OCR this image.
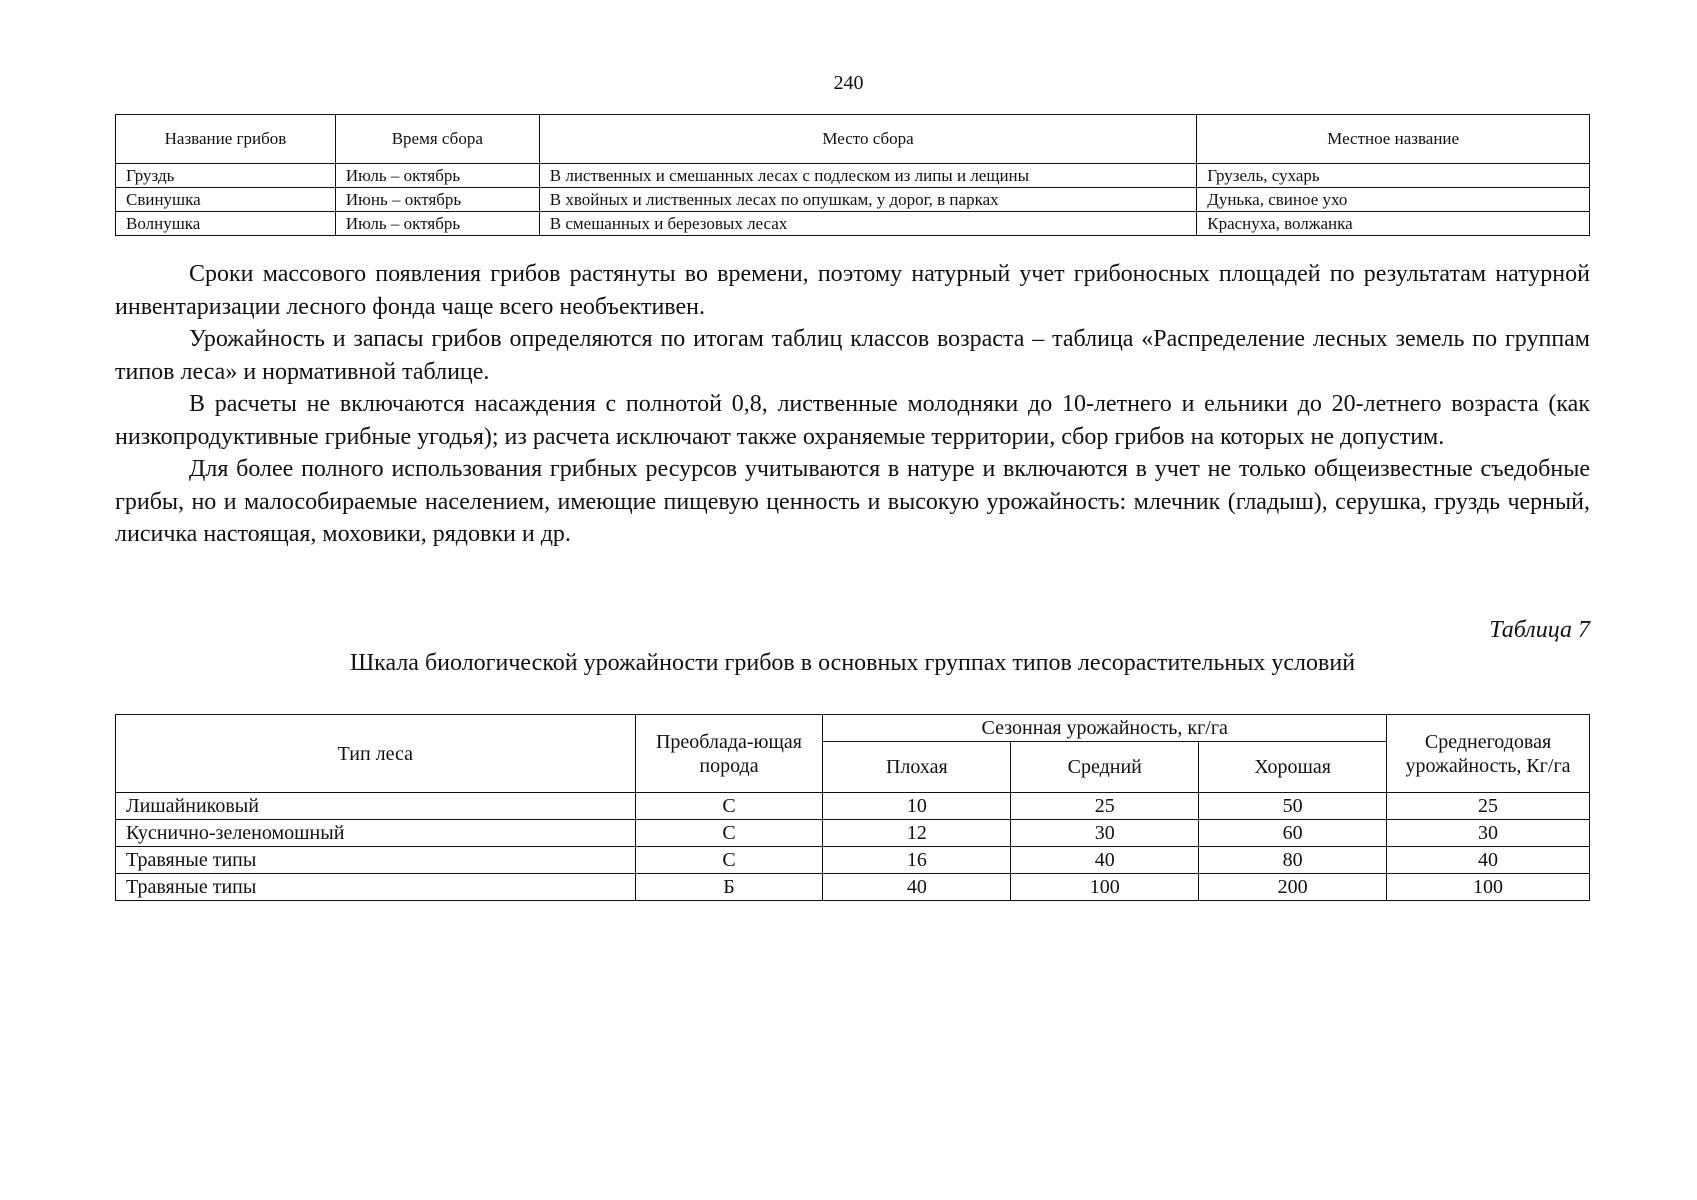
240
Название грибов	Время сбора	Место сбора	Местное название
Груздь	Июль – октябрь	В лиственных и смешанных лесах с подлеском из липы и лещины	Грузель, сухарь
Свинушка	Июнь – октябрь	В хвойных и лиственных лесах по опушкам, у дорог, в парках	Дунька, свиное ухо
Волнушка	Июль – октябрь	В смешанных и березовых лесах	Краснуха, волжанка

Сроки массового появления грибов растянуты во времени, поэтому натурный учет грибоносных площадей по результатам натурной инвентаризации лесного фонда чаще всего необъективен.

Урожайность и запасы грибов определяются по итогам таблиц классов возраста – таблица «Распределение лесных земель по группам типов леса» и нормативной таблице.

В расчеты не включаются насаждения с полнотой 0,8, лиственные молодняки до 10-летнего и ельники до 20-летнего возраста (как низкопродуктивные грибные угодья); из расчета исключают также охраняемые территории, сбор грибов на которых не допустим.

Для более полного использования грибных ресурсов учитываются в натуре и включаются в учет не только общеизвестные съедобные грибы, но и малособираемые населением, имеющие пищевую ценность и высокую урожайность: млечник (гладыш), серушка, груздь черный, лисичка настоящая, моховики, рядовки и др.

Таблица 7
Шкала биологической урожайности грибов в основных группах типов лесорастительных условий
Тип леса	Преоблада-ющая порода	Сезонная урожайность, кг/га			Среднегодовая урожайность, Кг/га
		Плохая	Средний	Хорошая	
Лишайниковый	С	10	25	50	25
Куснично-зеленомошный	С	12	30	60	30
Травяные типы	С	16	40	80	40
Травяные типы	Б	40	100	200	100
